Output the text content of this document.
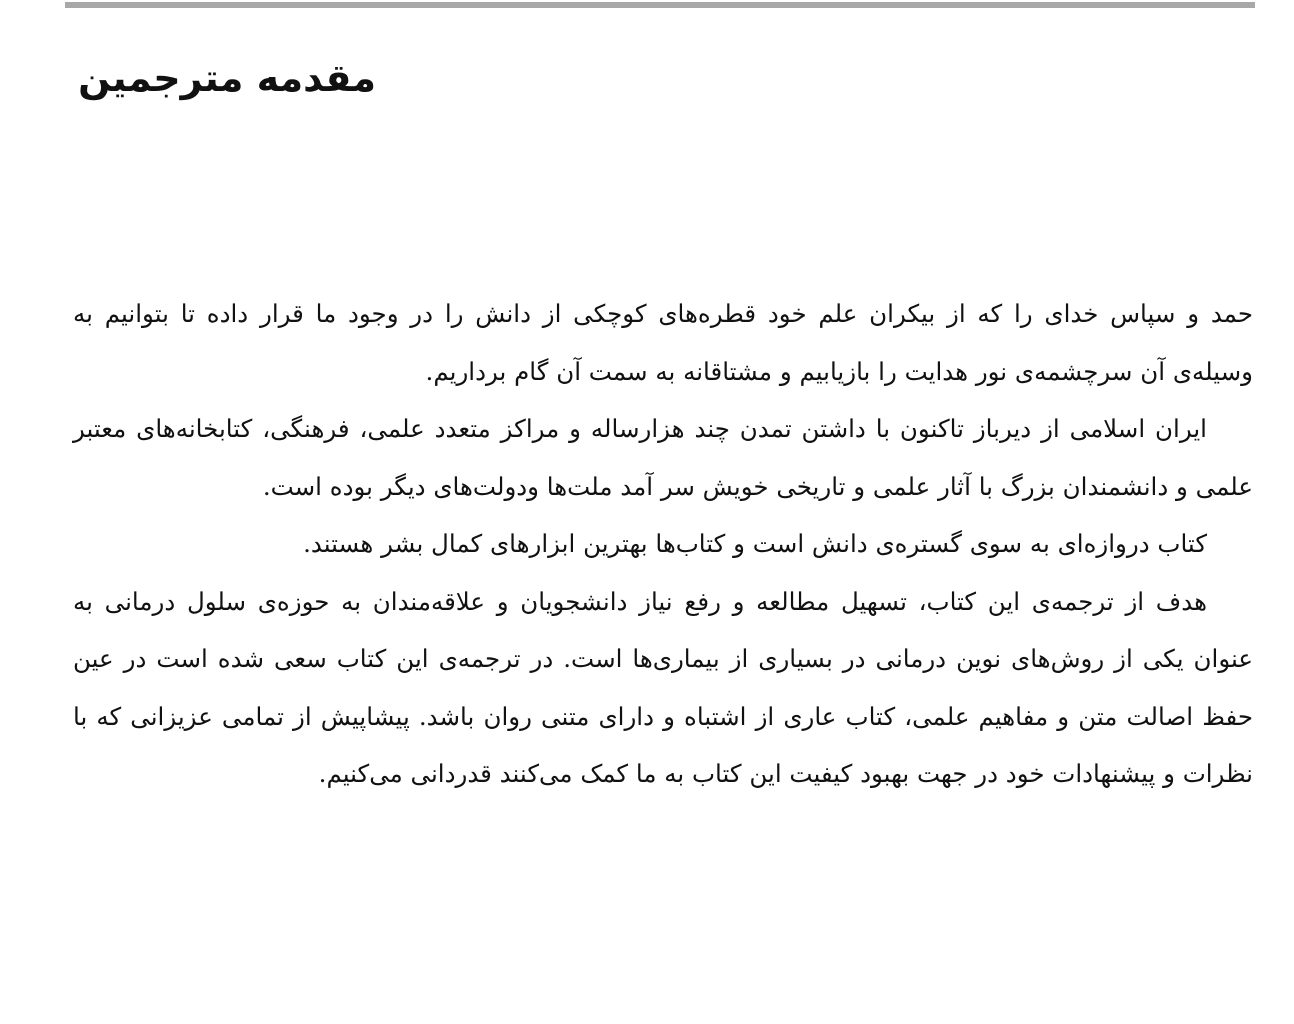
مقدمه مترجمین

حمد و سپاس خدای را که از بیکران علم خود قطره‌های کوچکی از دانش را در وجود ما قرار داده تا بتوانیم به وسیله‌ی آن سرچشمه‌ی نور هدایت را بازیابیم و مشتاقانه به سمت آن گام برداریم.

ایران اسلامی از دیرباز تاکنون با داشتن تمدن چند هزارساله و مراکز متعدد علمی، فرهنگی، کتابخانه‌های معتبر علمی و دانشمندان بزرگ با آثار علمی و تاریخی خویش سر آمد ملت‌ها ودولت‌های دیگر بوده است.

کتاب دروازه‌ای به سوی گستره‌ی دانش است و کتاب‌ها بهترین ابزارهای کمال بشر هستند.

هدف از ترجمه‌ی این کتاب، تسهیل مطالعه و رفع نیاز دانشجویان و علاقه‌مندان به حوزه‌ی سلول درمانی به عنوان یکی از روش‌های نوین درمانی در بسیاری از بیماری‌ها است. در ترجمه‌ی این کتاب سعی شده است در عین حفظ اصالت متن و مفاهیم علمی، کتاب عاری از اشتباه و دارای متنی روان باشد. پیشاپیش از تمامی عزیزانی که با نظرات و پیشنهادات خود در جهت بهبود کیفیت این کتاب به ما کمک می‌کنند قدردانی می‌کنیم.
